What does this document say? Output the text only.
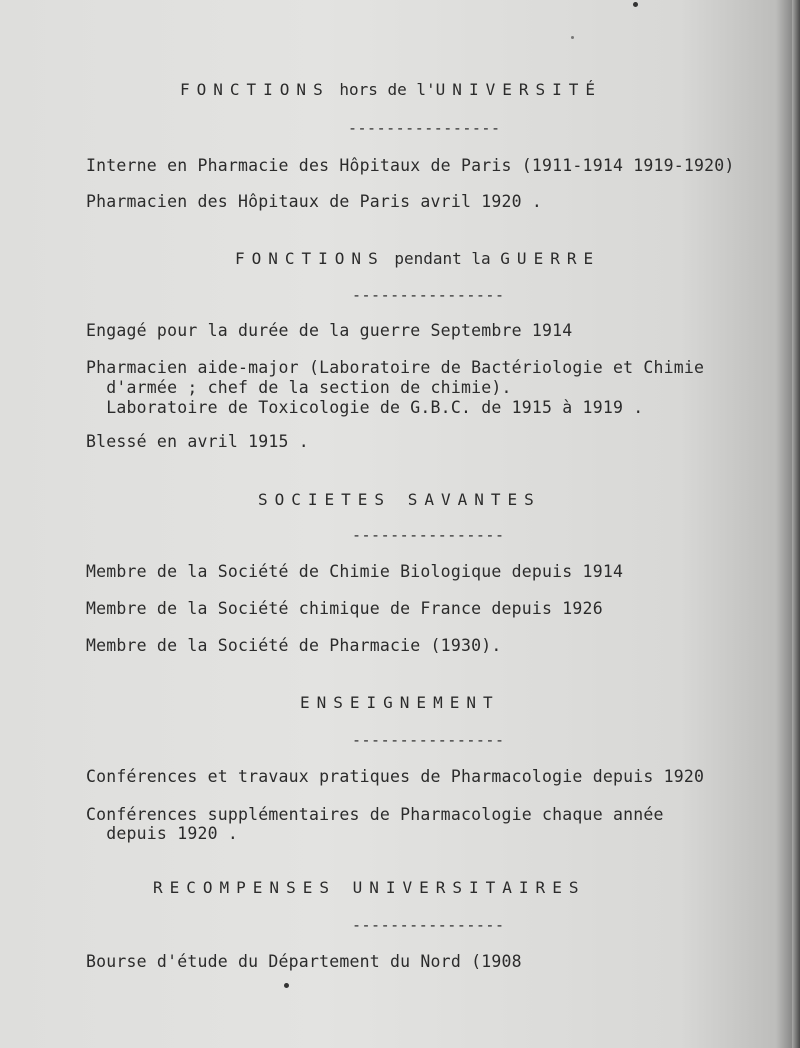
FONCTIONS hors de l'UNIVERSITÉ
----------------
Interne en Pharmacie des Hôpitaux de Paris (1911-1914 1919-1920)
Pharmacien des Hôpitaux de Paris avril 1920 .
FONCTIONS pendant la GUERRE
----------------
Engagé pour la durée de la guerre Septembre 1914
Pharmacien aide-major (Laboratoire de Bactériologie et Chimie
d'armée ; chef de la section de chimie).
Laboratoire de Toxicologie de G.B.C. de 1915 à 1919 .
Blessé en avril 1915 .
SOCIETES SAVANTES
----------------
Membre de la Société de Chimie Biologique depuis 1914
Membre de la Société chimique de France depuis 1926
Membre de la Société de Pharmacie (1930).
ENSEIGNEMENT
----------------
Conférences et travaux pratiques de Pharmacologie depuis 1920
Conférences supplémentaires de Pharmacologie chaque année
depuis 1920 .
RECOMPENSES UNIVERSITAIRES
----------------
Bourse d'étude du Département du Nord (1908
